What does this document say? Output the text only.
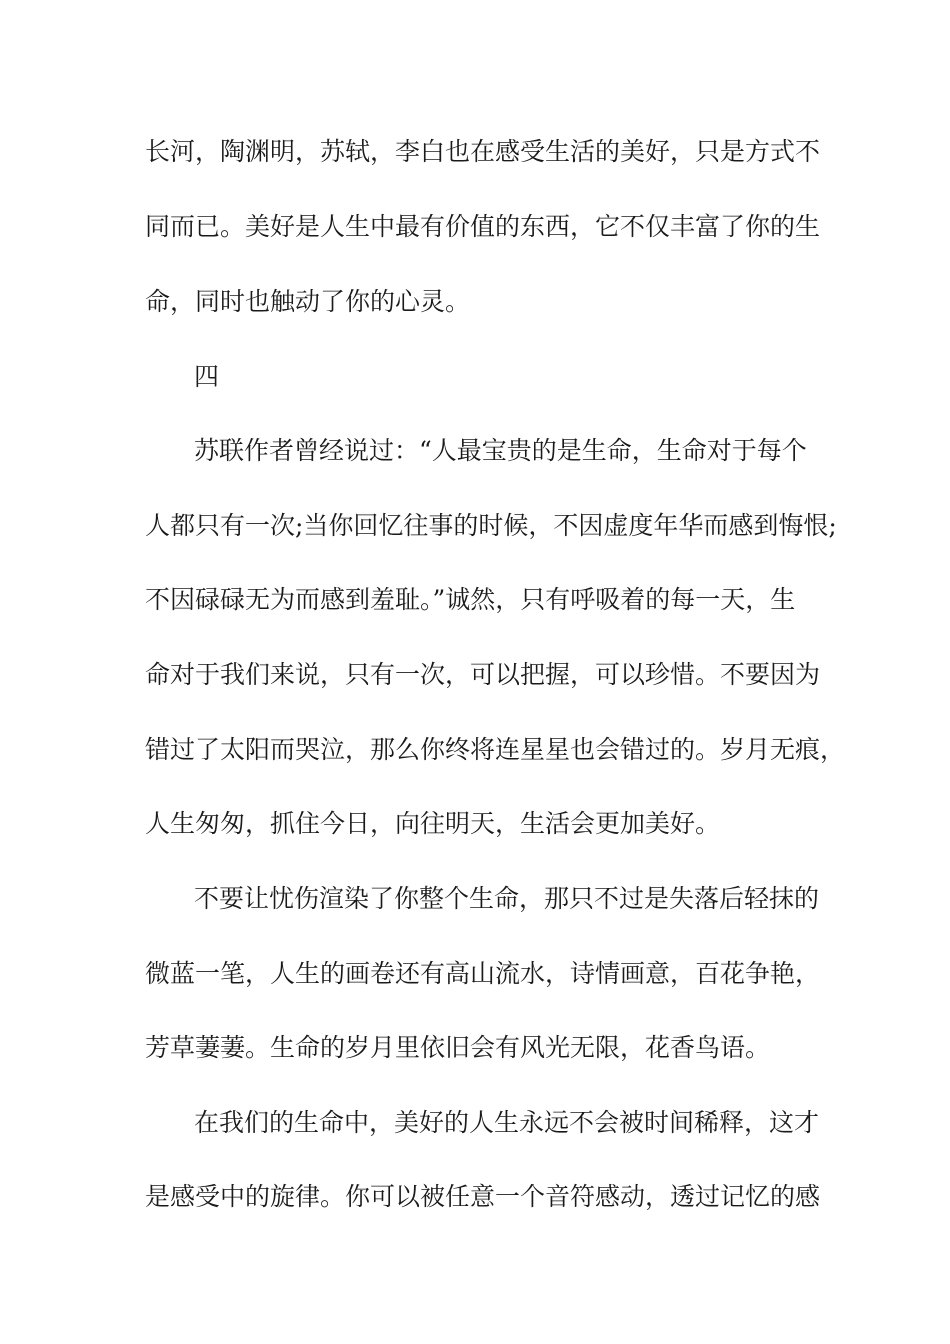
长河，陶渊明，苏轼，李白也在感受生活的美好，只是方式不

同而已。美好是人生中最有价值的东西，它不仅丰富了你的生

命，同时也触动了你的心灵。

四

苏联作者曾经说过：“人最宝贵的是生命，生命对于每个

人都只有一次;当你回忆往事的时候，不因虚度年华而感到悔恨;

不因碌碌无为而感到羞耻。”诚然，只有呼吸着的每一天，生

命对于我们来说，只有一次，可以把握，可以珍惜。不要因为

错过了太阳而哭泣，那么你终将连星星也会错过的。岁月无痕，

人生匆匆，抓住今日，向往明天，生活会更加美好。

不要让忧伤渲染了你整个生命，那只不过是失落后轻抹的

微蓝一笔，人生的画卷还有高山流水，诗情画意，百花争艳，

芳草萋萋。生命的岁月里依旧会有风光无限，花香鸟语。

在我们的生命中，美好的人生永远不会被时间稀释，这才

是感受中的旋律。你可以被任意一个音符感动，透过记忆的感
